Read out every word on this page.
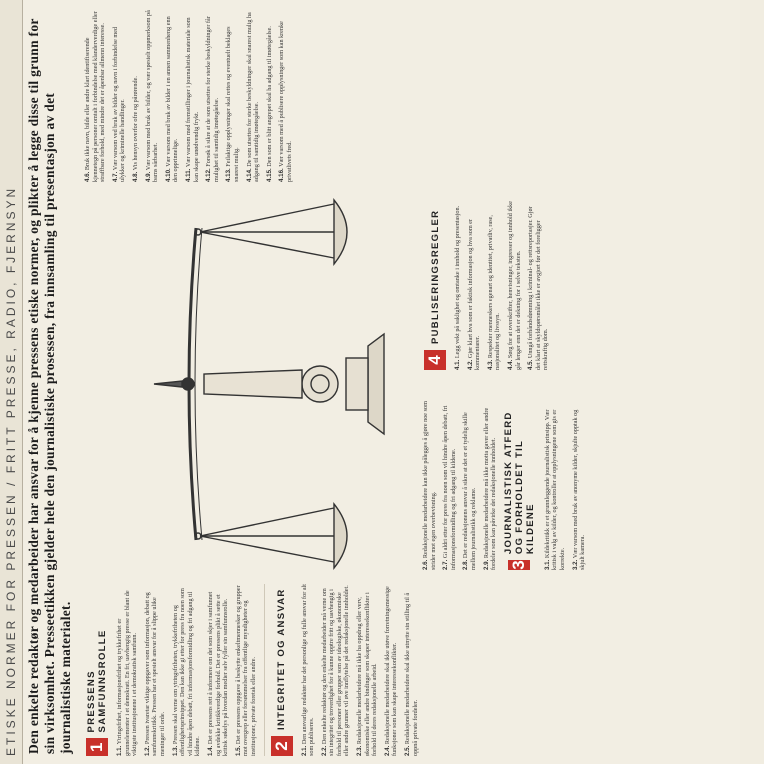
ETISKE NORMER FOR PRESSEN / FRITT PRESSE, RADIO, FJERNSYN Den enkelte redaktør og medarbeider har ansvar for å kjenne pressens etiske normer, og plikter å legge disse til grunn for sin virksomhet. Presseetikken gjelder hele den journalistiske prosessen, fra innsamling til presentasjon av det journalistiske materialet. 1
PRESSENS SAMFUNNSROLLE

1.1. Ytringsfrihet, informasjonsfrihet og trykkefrihet er grunnelementer i et demokrati. En fri, uavhengig presse er blant de viktigste institusjonene i et demokratisk samfunn. 1.2. Pressen ivaretar viktige oppgaver som informasjon, debatt og samfunnskritikk. Pressen har et spesielt ansvar for å slippe ulike meninger til orde. 1.3. Pressen skal verne om ytringsfriheten, trykkefriheten og offentlighetsprinsippet. Den kan ikke gi etter for press fra noen som vil hindre åpen debatt, fri informasjonsformidling og fri adgang til kildene. 1.4. Det er pressens rett å informere om det som skjer i samfunnet og avdekke kritikkverdige forhold. Det er pressens plikt å sette et kritisk søkelys på hvordan medier selv fyller sin samfunnsrolle. 1.5. Det er pressens oppgave å beskytte enkeltmennesker og grupper mot overgrep eller forsømmelser fra offentlige myndigheter og institusjoner, private foretak eller andre. 2
INTEGRITET OG ANSVAR

2.1. Den ansvarlige redaktør har det personlige og fulle ansvar for alt som publiseres. 2.2. Den enkelte redaktør og den enkelte medarbeider må verne om sin integritet og troverdighet for å kunne opptre fritt og uavhengig i forhold til personer eller grupper som av ideologiske, økonomiske eller andre grunner vil øve innflytelse på det redaksjonelle innholdet. 2.3. Redaksjonelle medarbeidere må ikke ha oppdrag eller verv, økonomiske eller andre bindinger som skaper interessekonflikter i forhold til deres redaksjonelle arbeid. 2.4. Redaksjonelle medarbeidere skal ikke utøve forretningsmessige funksjoner som kan skape interessekonflikter. 2.5. Redaksjonelle medarbeidere skal ikke utnytte sin stilling til å oppnå private fordeler.

2.6. Redaksjonelle medarbeidere kan ikke pålegges å gjøre noe som strider mot egen overbevisning. 2.7. Gi aldri etter for press fra noen som vil hindre åpen debatt, fri informasjonsformidling og fri adgang til kildene. 2.8. Det er redaksjonens ansvar å sikre at det er et tydelig skille mellom journalistikk og reklame. 2.9. Redaksjonelle medarbeidere må ikke motta gaver eller andre fordeler som kan påvirke det redaksjonelle innholdet. 3
JOURNALISTISK ATFERD OG FORHOLDET TIL KILDENE

3.1. Kildekritikk er et grunnleggende journalistisk prinsipp. Vær kritisk i valg av kilder, og kontroller at opplysningene som gis er korrekte. 3.2. Vær varsom med bruk av anonyme kilder, skjulte opptak og skjult kamera.

4
PUBLISERINGSREGLER

4.1. Legg vekt på saklighet og omtanke i innhold og presentasjon.

4.2. Gjør klart hva som er faktisk informasjon og hva som er kommentarer. 4.3. Respekter menneskers egenart og identitet, privatliv, rase, nasjonalitet og livssyn. 4.4. Sørg for at overskrifter, henvisninger, ingresser og innhold ikke går lenger enn det er dekning for i selve teksten. 4.5. Unngå forhåndsdømming i kriminal- og rettsreportasjer. Gjør det klart at skyldspørsmålet ikke er avgjort før det foreligger rettskraftig dom.

4.6. Bruk ikke navn, bilde eller andre klart identifiserende kjennetegn på personer omtalt i forbindelse med klanderverdige eller straffbare forhold, med mindre det er åpenbar allmenn interesse. 4.7. Vær varsom ved bruk av bilder og navn i forbindelse med ulykker og kriminelle handlinger. 4.8. Vis hensyn overfor ofre og pårørende.

4.9. Vær varsom med bruk av bilder, og vær spesielt oppmerksom på barns sårbarhet. 4.10. Vær varsom med bruk av bilder i en annen sammenheng enn den opprinnelige. 4.11. Vær varsom med fremstillinger i journalistisk materiale som kan skape unødvendig frykt. 4.12. Forsøk å sikre at de som utsettes for sterke beskyldninger får mulighet til samtidig imøtegåelse. 4.13. Feilaktige opplysninger skal rettes og eventuelt beklages snarest mulig. 4.14. De som utsettes for sterke beskyldninger skal snarest mulig ha adgang til samtidig imøtegåelse. 4.15. Den som er blitt angrepet skal ha adgang til imøtegåelse.

4.16. Vær varsom med å publisere opplysninger som kan krenke privatlivets fred.
